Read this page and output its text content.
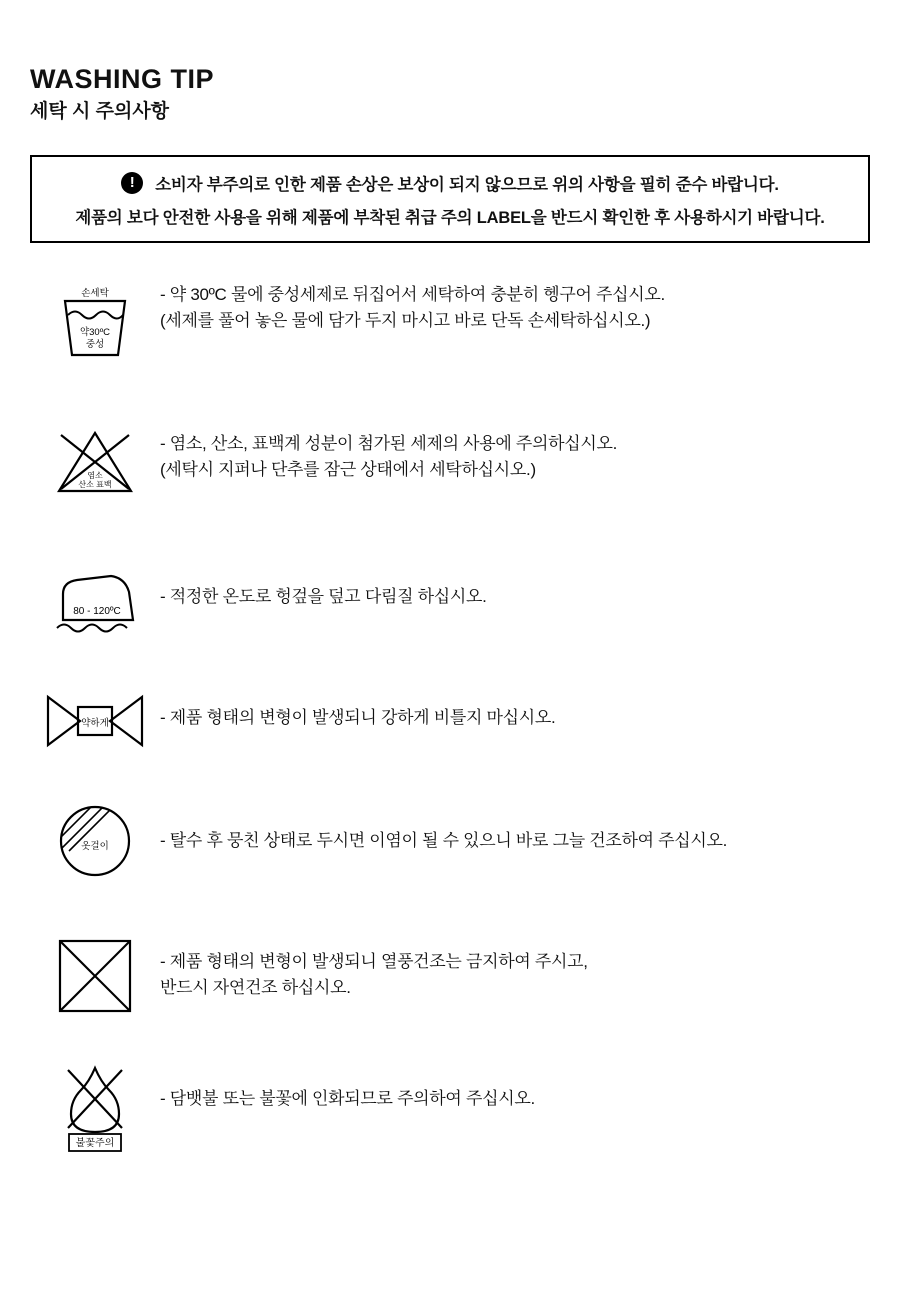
WASHING TIP
세탁 시 주의사항
!	소비자 부주의로 인한 제품 손상은 보상이 되지 않으므로 위의 사항을 필히 준수 바랍니다.
제품의 보다 안전한 사용을 위해 제품에 부착된 취급 주의 LABEL을 반드시 확인한 후 사용하시기 바랍니다.
손세탁
약30ºC
중성
- 약 30ºC 물에 중성세제로 뒤집어서 세탁하여 충분히 헹구어 주십시오.
(세제를 풀어 놓은 물에 담가 두지 마시고 바로 단독 손세탁하십시오.)
염소
산소 표백
- 염소, 산소, 표백계 성분이 첨가된 세제의 사용에 주의하십시오.
(세탁시 지퍼나 단추를 잠근 상태에서 세탁하십시오.)
80 - 120ºC
- 적정한 온도로 헝겊을 덮고 다림질 하십시오.
약하게	- 제품 형태의 변형이 발생되니 강하게 비틀지 마십시오.
옷걸이	- 탈수 후 뭉친 상태로 두시면 이염이 될 수 있으니 바로 그늘 건조하여 주십시오.
- 제품 형태의 변형이 발생되니 열풍건조는 금지하여 주시고,
반드시 자연건조 하십시오.
불꽃주의
- 담뱃불 또는 불꽃에 인화되므로 주의하여 주십시오.
